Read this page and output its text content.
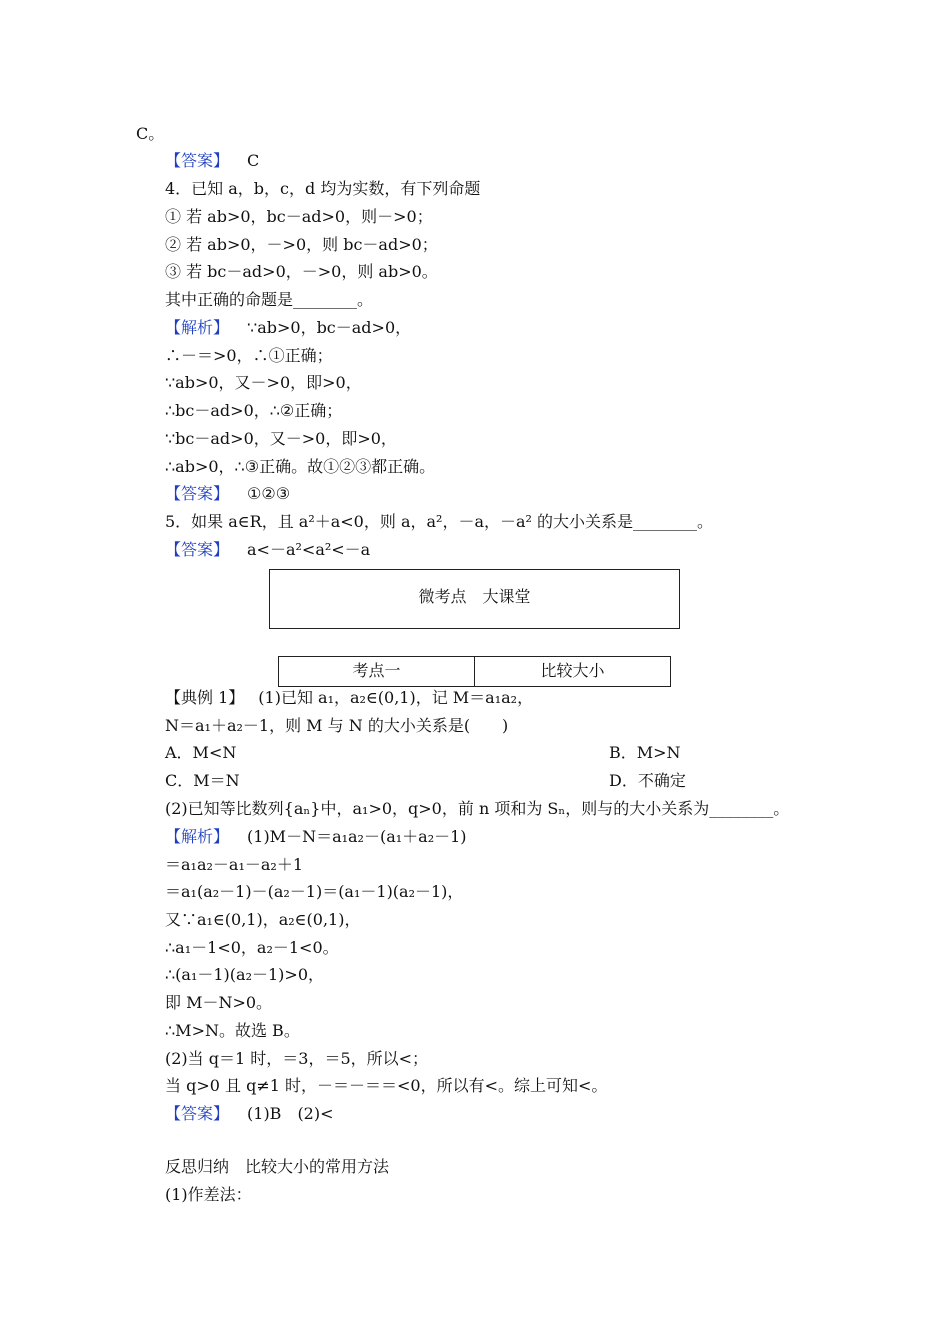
C。
【答案】 C
4．已知 a，b，c，d 均为实数，有下列命题
① 若 ab>0，bc－ad>0，则－>0；
② 若 ab>0，－>0，则 bc－ad>0；
③ 若 bc－ad>0，－>0，则 ab>0。
其中正确的命题是________。
【解析】 ∵ab>0，bc－ad>0，
∴－＝>0，∴①正确；
∵ab>0，又－>0，即>0，
∴bc－ad>0，∴②正确；
∵bc－ad>0，又－>0，即>0，
∴ab>0，∴③正确。故①②③都正确。
【答案】 ①②③
5．如果 a∈R，且 a²＋a<0，则 a，a²，－a，－a² 的大小关系是________。
【答案】 a<－a²<a²<－a
微考点　大课堂
考点一	比较大小
【典例 1】 (1)已知 a₁，a₂∈(0,1)，记 M＝a₁a₂，
N＝a₁＋a₂－1，则 M 与 N 的大小关系是(　　)
A．M<N	B．M>N
C．M＝N	D．不确定
(2)已知等比数列{aₙ}中，a₁>0，q>0，前 n 项和为 Sₙ，则与的大小关系为________。
【解析】 (1)M－N＝a₁a₂－(a₁＋a₂－1)
＝a₁a₂－a₁－a₂＋1
＝a₁(a₂－1)－(a₂－1)＝(a₁－1)(a₂－1)，
又∵a₁∈(0,1)，a₂∈(0,1)，
∴a₁－1<0，a₂－1<0。
∴(a₁－1)(a₂－1)>0，
即 M－N>0。
∴M>N。故选 B。
(2)当 q＝1 时，＝3，＝5，所以<；
当 q>0 且 q≠1 时，－＝－＝＝<0，所以有<。综上可知<。
【答案】 (1)B　(2)<
反思归纳　比较大小的常用方法
(1)作差法：
